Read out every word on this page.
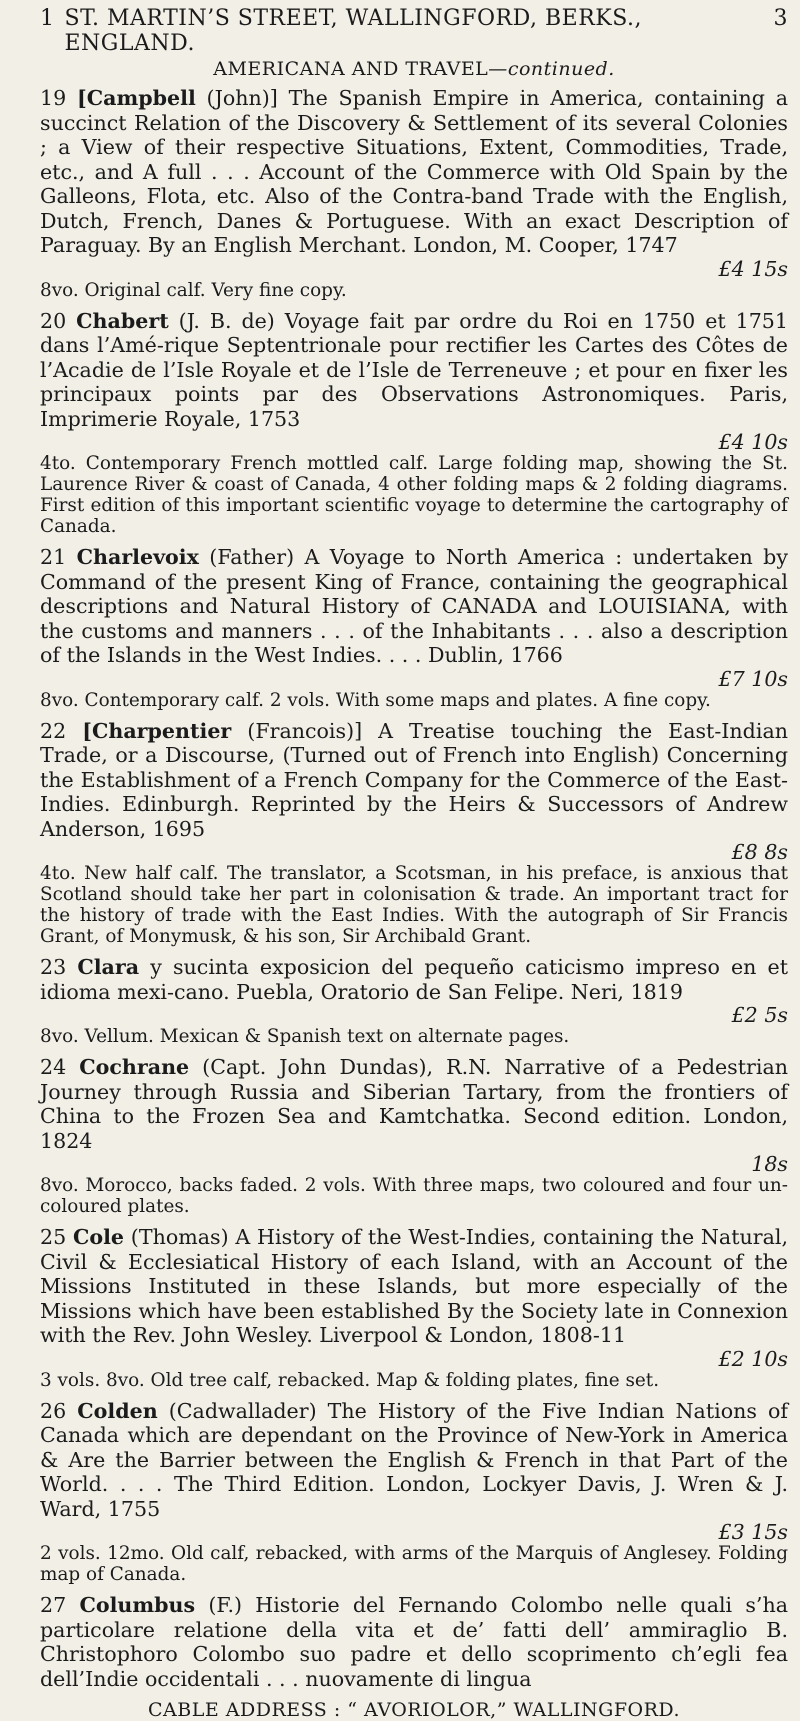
1 ST. MARTIN’S STREET, WALLINGFORD, BERKS., ENGLAND.
3
AMERICANA AND TRAVEL—continued.

19 [Campbell (John)] The Spanish Empire in America, containing a succinct Relation of the Discovery & Settlement of its several Colonies ; a View of their respective Situations, Extent, Commodities, Trade, etc., and A full . . . Account of the Commerce with Old Spain by the Galleons, Flota, etc. Also of the Contra-band Trade with the English, Dutch, French, Danes & Portuguese. With an exact Description of Paraguay. By an English Merchant. London, M. Cooper, 1747

£4 15s

8vo. Original calf. Very fine copy.

20 Chabert (J. B. de) Voyage fait par ordre du Roi en 1750 et 1751 dans l’Amé-rique Septentrionale pour rectifier les Cartes des Côtes de l’Acadie de l’Isle Royale et de l’Isle de Terreneuve ; et pour en fixer les principaux points par des Observations Astronomiques. Paris, Imprimerie Royale, 1753

£4 10s

4to. Contemporary French mottled calf. Large folding map, showing the St. Laurence River & coast of Canada, 4 other folding maps & 2 folding diagrams. First edition of this important scientific voyage to determine the cartography of Canada.

21 Charlevoix (Father) A Voyage to North America : undertaken by Command of the present King of France, containing the geographical descriptions and Natural History of CANADA and LOUISIANA, with the customs and manners . . . of the Inhabitants . . . also a description of the Islands in the West Indies. . . . Dublin, 1766

£7 10s

8vo. Contemporary calf. 2 vols. With some maps and plates. A fine copy.

22 [Charpentier (Francois)] A Treatise touching the East-Indian Trade, or a Discourse, (Turned out of French into English) Concerning the Establishment of a French Company for the Commerce of the East-Indies. Edinburgh. Reprinted by the Heirs & Successors of Andrew Anderson, 1695

£8 8s

4to. New half calf. The translator, a Scotsman, in his preface, is anxious that Scotland should take her part in colonisation & trade. An important tract for the history of trade with the East Indies. With the autograph of Sir Francis Grant, of Monymusk, & his son, Sir Archibald Grant.

23 Clara y sucinta exposicion del pequeño caticismo impreso en et idioma mexi-cano. Puebla, Oratorio de San Felipe. Neri, 1819

£2 5s

8vo. Vellum. Mexican & Spanish text on alternate pages.

24 Cochrane (Capt. John Dundas), R.N. Narrative of a Pedestrian Journey through Russia and Siberian Tartary, from the frontiers of China to the Frozen Sea and Kamtchatka. Second edition. London, 1824

18s

8vo. Morocco, backs faded. 2 vols. With three maps, two coloured and four un-coloured plates.

25 Cole (Thomas) A History of the West-Indies, containing the Natural, Civil & Ecclesiatical History of each Island, with an Account of the Missions Instituted in these Islands, but more especially of the Missions which have been established By the Society late in Connexion with the Rev. John Wesley. Liverpool & London, 1808-11

£2 10s

3 vols. 8vo. Old tree calf, rebacked. Map & folding plates, fine set.

26 Colden (Cadwallader) The History of the Five Indian Nations of Canada which are dependant on the Province of New-York in America & Are the Barrier between the English & French in that Part of the World. . . . The Third Edition. London, Lockyer Davis, J. Wren & J. Ward, 1755

£3 15s

2 vols. 12mo. Old calf, rebacked, with arms of the Marquis of Anglesey. Folding map of Canada.

27 Columbus (F.) Historie del Fernando Colombo nelle quali s’ha particolare relatione della vita et de’ fatti dell’ ammiraglio B. Christophoro Colombo suo padre et dello scoprimento ch’egli fea dell’Indie occidentali . . . nuovamente di lingua

CABLE ADDRESS : “ AVORIOLOR,” WALLINGFORD.
